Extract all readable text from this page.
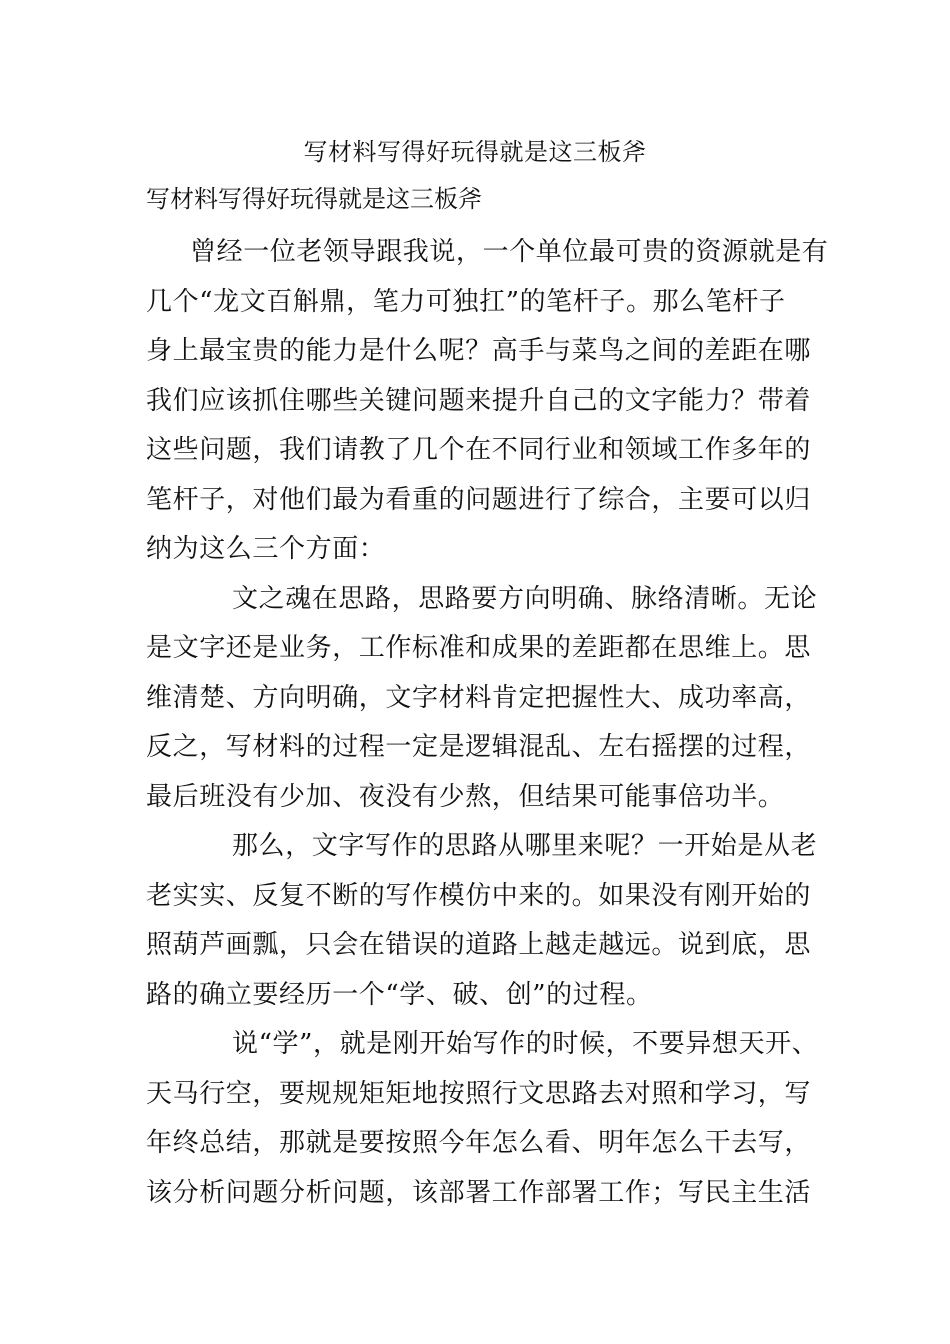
写材料写得好玩得就是这三板斧
写材料写得好玩得就是这三板斧
曾经一位老领导跟我说，一个单位最可贵的资源就是有
几个“龙文百斛鼎，笔力可独扛”的笔杆子。那么笔杆子
身上最宝贵的能力是什么呢？高手与菜鸟之间的差距在哪
我们应该抓住哪些关键问题来提升自己的文字能力？带着
这些问题，我们请教了几个在不同行业和领域工作多年的
笔杆子，对他们最为看重的问题进行了综合，主要可以归
纳为这么三个方面：
文之魂在思路，思路要方向明确、脉络清晰。无论
是文字还是业务，工作标准和成果的差距都在思维上。思
维清楚、方向明确，文字材料肯定把握性大、成功率高，
反之，写材料的过程一定是逻辑混乱、左右摇摆的过程，
最后班没有少加、夜没有少熬，但结果可能事倍功半。
那么，文字写作的思路从哪里来呢？一开始是从老
老实实、反复不断的写作模仿中来的。如果没有刚开始的
照葫芦画瓢，只会在错误的道路上越走越远。说到底，思
路的确立要经历一个“学、破、创”的过程。
说“学”，就是刚开始写作的时候，不要异想天开、
天马行空，要规规矩矩地按照行文思路去对照和学习，写
年终总结，那就是要按照今年怎么看、明年怎么干去写，
该分析问题分析问题，该部署工作部署工作；写民主生活
